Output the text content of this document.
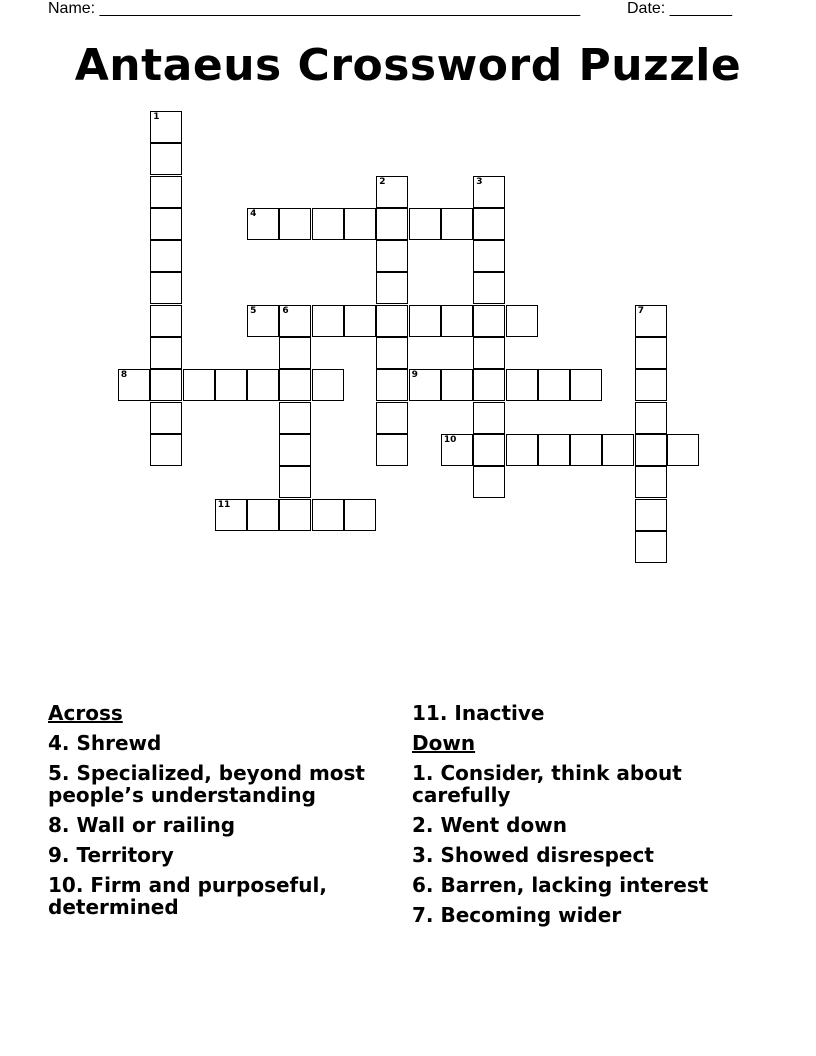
Name: ______________________________________________________	Date: _______
Antaeus Crossword Puzzle
1
2	3
7
4
5	6
8	9
10
11
Across
4. Shrewd
5. Specialized, beyond most people’s understanding
8. Wall or railing
9. Territory
10. Firm and purposeful, determined
11. Inactive
Down
1. Consider, think about carefully
2. Went down
3. Showed disrespect
6. Barren, lacking interest
7. Becoming wider
